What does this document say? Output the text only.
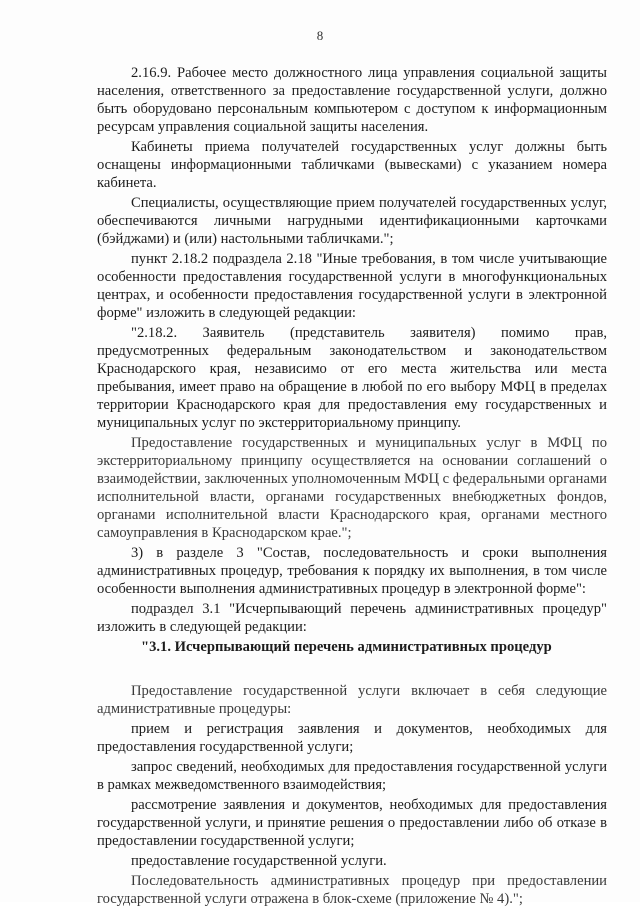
8

2.16.9. Рабочее место должностного лица управления социальной защиты населения, ответственного за предоставление государственной услуги, должно быть оборудовано персональным компьютером с доступом к информационным ресурсам управления социальной защиты населения.

Кабинеты приема получателей государственных услуг должны быть оснащены информационными табличками (вывесками) с указанием номера кабинета.

Специалисты, осуществляющие прием получателей государственных услуг, обеспечиваются личными нагрудными идентификационными карточками (бэйджами) и (или) настольными табличками.";

пункт 2.18.2 подраздела 2.18 "Иные требования, в том числе учитывающие особенности предоставления государственной услуги в многофункциональных центрах, и особенности предоставления государственной услуги в электронной форме" изложить в следующей редакции:

"2.18.2. Заявитель (представитель заявителя) помимо прав, предусмотренных федеральным законодательством и законодательством Краснодарского края, независимо от его места жительства или места пребывания, имеет право на обращение в любой по его выбору МФЦ в пределах территории Краснодарского края для предоставления ему государственных и муниципальных услуг по экстерриториальному принципу.

Предоставление государственных и муниципальных услуг в МФЦ по экстерриториальному принципу осуществляется на основании соглашений о взаимодействии, заключенных уполномоченным МФЦ с федеральными органами исполнительной власти, органами государственных внебюджетных фондов, органами исполнительной власти Краснодарского края, органами местного самоуправления в Краснодарском крае.";

3) в разделе 3 "Состав, последовательность и сроки выполнения административных процедур, требования к порядку их выполнения, в том числе особенности выполнения административных процедур в электронной форме":

подраздел 3.1 "Исчерпывающий перечень административных процедур" изложить в следующей редакции:

"3.1. Исчерпывающий перечень административных процедур

Предоставление государственной услуги включает в себя следующие административные процедуры:

прием и регистрация заявления и документов, необходимых для предоставления государственной услуги;

запрос сведений, необходимых для предоставления государственной услуги в рамках межведомственного взаимодействия;

рассмотрение заявления и документов, необходимых для предоставления государственной услуги, и принятие решения о предоставлении либо об отказе в предоставлении государственной услуги;

предоставление государственной услуги.

Последовательность административных процедур при предоставлении государственной услуги отражена в блок-схеме (приложение № 4).";
